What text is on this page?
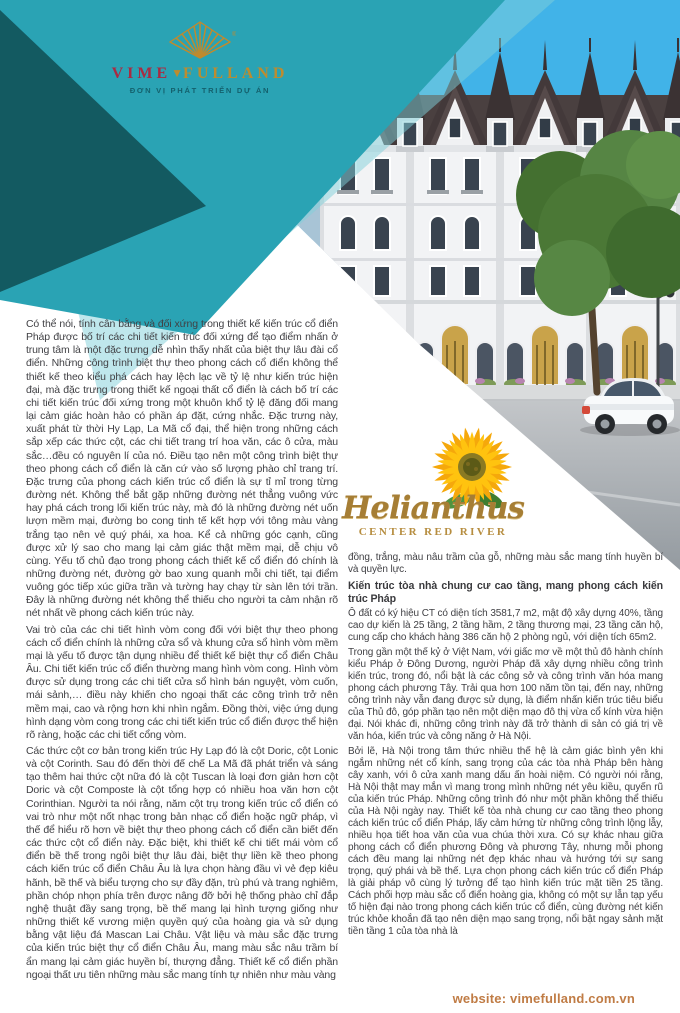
®
VIME▼FULLAND
ĐƠN VỊ PHÁT TRIỂN DỰ ÁN
Helianthus
CENTER RED RIVER

Có thể nói, tính cân bằng và đối xứng trong thiết kế kiến trúc cổ điển Pháp được bố trí các chi tiết kiến trúc đối xứng để tạo điểm nhấn ở trung tâm là một đặc trưng dễ nhìn thấy nhất của biệt thự lâu đài cổ điển. Những công trình biệt thự theo phong cách cổ điển không thể thiết kế theo kiểu phá cách hay lệch lạc về tỷ lệ như kiến trúc hiện đại, mà đặc trưng trong thiết kế ngoại thất cổ điển là cách bố trí các chi tiết kiến trúc đối xứng trong một khuôn khổ tỷ lệ đăng đối mang lại cảm giác hoàn hảo có phần áp đặt, cứng nhắc. Đặc trưng này, xuất phát từ thời Hy Lạp, La Mã cổ đại, thể hiện trong những cách sắp xếp các thức cột, các chi tiết trang trí hoa văn, các ô cửa, màu sắc…đều có nguyên lí của nó. Điều tạo nên một công trình biệt thự theo phong cách cổ điển là căn cứ vào số lượng phào chỉ trang trí. Đặc trưng của phong cách kiến trúc cổ điển là sự tỉ mỉ trong từng đường nét. Không thể bắt gặp những đường nét thẳng vuông vức hay phá cách trong lối kiến trúc này, mà đó là những đường nét uốn lượn mềm mại, đường bo cong tinh tế kết hợp với tông màu vàng trắng tạo nên vẻ quý phái, xa hoa. Kể cả những góc cạnh, cũng được xử lý sao cho mang lại cảm giác thật mềm mại, dễ chịu vô cùng. Yếu tố chủ đạo trong phong cách thiết kế cổ điển đó chính là những đường nét, đường gờ bao xung quanh mỗi chi tiết, tại điểm vuông góc tiếp xúc giữa trần và tường hay chạy từ sàn lên tới trần. Đây là những đường nét không thể thiếu cho người ta cảm nhận rõ nét nhất về phong cách kiến trúc này.

Vai trò của các chi tiết hình vòm cong đối với biệt thự theo phong cách cổ điển chính là những cửa sổ và khung cửa sổ hình vòm mềm mại là yếu tố được tận dụng nhiều để thiết kế biệt thự cổ điển Châu Âu. Chi tiết kiến trúc cổ điển thường mang hình vòm cong. Hình vòm được sử dụng trong các chi tiết cửa sổ hình bán nguyệt, vòm cuốn, mái sảnh,… điều này khiến cho ngoại thất các công trình trở nên mềm mại, cao và rộng hơn khi nhìn ngắm. Đồng thời, việc ứng dụng hình dạng vòm cong trong các chi tiết kiến trúc cổ điển được thể hiện rõ ràng, hoặc các chi tiết cổng vòm.

Các thức cột cơ bản trong kiến trúc Hy Lạp đó là cột Doric, cột Lonic và cột Corinth. Sau đó đến thời đế chế La Mã đã phát triển và sáng tạo thêm hai thức cột nữa đó là cột Tuscan là loại đơn giản hơn cột Doric và cột Composte là cột tổng hợp có nhiều hoa văn hơn cột Corinthian. Người ta nói rằng, năm cột trụ trong kiến trúc cổ điển có vai trò như một nốt nhạc trong bản nhạc cổ điển hoặc ngữ pháp, vì thế để hiểu rõ hơn về biệt thự theo phong cách cổ điển cần biết đến các thức cột cổ điển này. Đặc biệt, khi thiết kế chi tiết mái vòm cổ điển bề thế trong ngôi biệt thự lâu đài, biệt thự liền kề theo phong cách kiến trúc cổ điển Châu Âu là lựa chọn hàng đầu vì vẻ đẹp kiêu hãnh, bề thế và biểu tượng cho sự đầy đặn, trù phú và trang nghiêm, phần chóp nhọn phía trên được nâng đỡ bởi hệ thống phào chỉ đắp nghệ thuật đầy sang trọng, bề thế mang lại hình tượng giống như những thiết kế vương miện quyền quý của hoàng gia và sử dụng bằng vật liệu đá Mascan Lai Châu. Vật liệu và màu sắc đặc trưng của kiến trúc biệt thự cổ điển Châu Âu, mang màu sắc nâu trầm bí ẩn mang lại cảm giác huyền bí, thượng đẳng. Thiết kế cổ điển phần ngoại thất ưu tiên những màu sắc mang tính tự nhiên như màu vàng

đồng, trắng, màu nâu trầm của gỗ, những màu sắc mang tính huyền bí và quyền lực.

Kiến trúc tòa nhà chung cư cao tầng, mang phong cách kiến trúc Pháp

Ô đất có ký hiệu CT có diện tích 3581,7 m2, mật độ xây dựng 40%, tầng cao dự kiến là 25 tầng, 2 tầng hầm, 2 tầng thương mại, 23 tầng căn hộ, cung cấp cho khách hàng 386 căn hộ 2 phòng ngủ, với diện tích 65m2.

Trong gần một thế kỷ ở Việt Nam, với giấc mơ về một thủ đô hành chính kiểu Pháp ở Đông Dương, người Pháp đã xây dựng nhiều công trình kiến trúc, trong đó, nổi bật là các công sở và công trình văn hóa mang phong cách phương Tây. Trải qua hơn 100 năm tồn tại, đến nay, những công trình này vẫn đang được sử dụng, là điểm nhấn kiến trúc tiêu biểu của Thủ đô, góp phần tạo nên một diện mạo đô thị vừa cổ kính vừa hiện đại. Nói khác đi, những công trình này đã trở thành di sản có giá trị về văn hóa, kiến trúc và công năng ở Hà Nội.

Bởi lẽ, Hà Nội trong tâm thức nhiều thế hệ là cảm giác bình yên khi ngắm những nét cổ kính, sang trọng của các tòa nhà Pháp bên hàng cây xanh, với ô cửa xanh mang dấu ấn hoài niệm. Có người nói rằng, Hà Nội thật may mắn vì mang trong mình những nét yêu kiều, quyến rũ của kiến trúc Pháp. Những công trình đó như một phần không thể thiếu của Hà Nội ngày nay. Thiết kế tòa nhà chung cư cao tầng theo phong cách kiến trúc cổ điển Pháp, lấy cảm hứng từ những công trình lộng lẫy, nhiều họa tiết hoa văn của vua chúa thời xưa. Có sự khác nhau giữa phong cách cổ điển phương Đông và phương Tây, nhưng mỗi phong cách đều mang lại những nét đẹp khác nhau và hướng tới sự sang trọng, quý phái và bề thế. Lựa chọn phong cách kiến trúc cổ điển Pháp là giải pháp vô cùng lý tưởng để tạo hình kiến trúc mặt tiền 25 tầng. Cách phối hợp màu sắc cổ điển hoàng gia, không có một sự lẫn tạp yếu tố hiện đại nào trong phong cách kiến trúc cổ điển, cùng đường nét kiến trúc khỏe khoắn đã tạo nên diện mạo sang trọng, nổi bật ngay sảnh mặt tiền tầng 1 của tòa nhà là

website: vimefulland.com.vn
